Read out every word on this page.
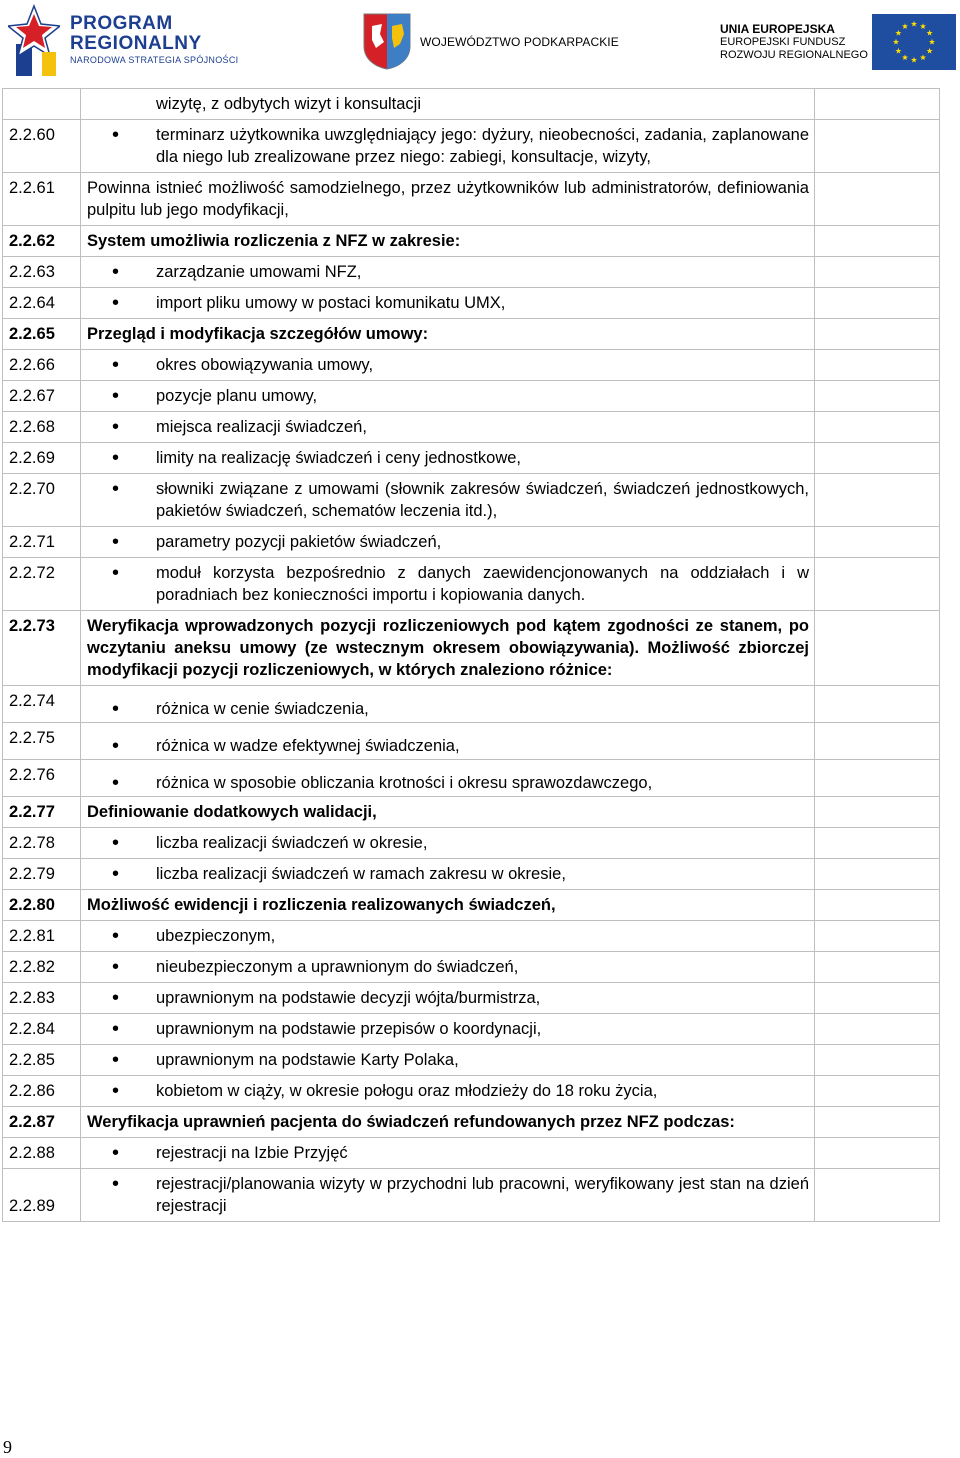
PROGRAM
REGIONALNY
NARODOWA STRATEGIA SPÓJNOŚCI
WOJEWÓDZTWO PODKARPACKIE
UNIA EUROPEJSKA
EUROPEJSKI FUNDUSZ
ROZWOJU REGIONALNEGO

	wizytę, z odbytych wizyt i konsultacji	

2.2.60	• terminarz użytkownika uwzględniający jego: dyżury, nieobecności, zadania, zaplanowane dla niego lub zrealizowane przez niego: zabiegi, konsultacje, wizyty,

2.2.61	Powinna istnieć możliwość samodzielnego, przez użytkowników lub administratorów, definiowania pulpitu lub jego modyfikacji,	

2.2.62	System umożliwia rozliczenia z NFZ w zakresie:	

2.2.63	• zarządzanie umowami NFZ,

2.2.64	• import pliku umowy w postaci komunikatu UMX,

2.2.65	Przegląd i modyfikacja szczegółów umowy:	

2.2.66	• okres obowiązywania umowy,

2.2.67	• pozycje planu umowy,

2.2.68	• miejsca realizacji świadczeń,

2.2.69	• limity na realizację świadczeń i ceny jednostkowe,

2.2.70	• słowniki związane z umowami (słownik zakresów świadczeń, świadczeń jednostkowych, pakietów świadczeń, schematów leczenia itd.),

2.2.71	• parametry pozycji pakietów świadczeń,

2.2.72	• moduł korzysta bezpośrednio z danych zaewidencjonowanych na oddziałach i w poradniach bez konieczności importu i kopiowania danych.

2.2.73	Weryfikacja wprowadzonych pozycji rozliczeniowych pod kątem zgodności ze stanem, po wczytaniu aneksu umowy (ze wstecznym okresem obowiązywania). Możliwość zbiorczej modyfikacji pozycji rozliczeniowych, w których znaleziono różnice:	

2.2.74	• różnica w cenie świadczenia,

2.2.75	• różnica w wadze efektywnej świadczenia,

2.2.76	• różnica w sposobie obliczania krotności i okresu sprawozdawczego,

2.2.77	Definiowanie dodatkowych walidacji,	

2.2.78	• liczba realizacji świadczeń w okresie,

2.2.79	• liczba realizacji świadczeń w ramach zakresu w okresie,

2.2.80	Możliwość ewidencji i rozliczenia realizowanych świadczeń,	

2.2.81	• ubezpieczonym,

2.2.82	• nieubezpieczonym a uprawnionym do świadczeń,

2.2.83	• uprawnionym na podstawie decyzji wójta/burmistrza,

2.2.84	• uprawnionym na podstawie przepisów o koordynacji,

2.2.85	• uprawnionym na podstawie Karty Polaka,

2.2.86	• kobietom w ciąży, w okresie połogu oraz młodzieży do 18 roku życia,

2.2.87	Weryfikacja uprawnień pacjenta do świadczeń refundowanych przez NFZ podczas:	

2.2.88	• rejestracji na Izbie Przyjęć

2.2.89	• rejestracji/planowania wizyty w przychodni lub pracowni, weryfikowany jest stan na dzień rejestracji

9
